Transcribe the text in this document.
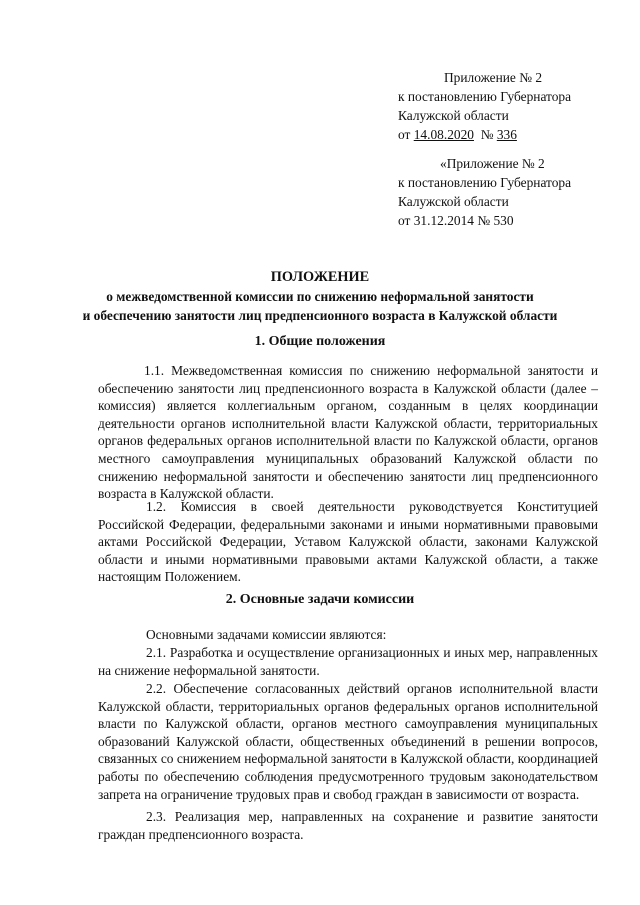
Приложение № 2

к постановлению Губернатора

Калужской области

от 14.08.2020 № 336

«Приложение № 2

к постановлению Губернатора

Калужской области

от 31.12.2014 № 530

ПОЛОЖЕНИЕ

о межведомственной комиссии по снижению неформальной занятости

и обеспечению занятости лиц предпенсионного возраста в Калужской области

1. Общие положения

1.1. Межведомственная комиссия по снижению неформальной занятости и обеспечению занятости лиц предпенсионного возраста в Калужской области (далее – комиссия) является коллегиальным органом, созданным в целях координации деятельности органов исполнительной власти Калужской области, территориальных органов федеральных органов исполнительной власти по Калужской области, органов местного самоуправления муниципальных образований Калужской области по снижению неформальной занятости и обеспечению занятости лиц предпенсионного возраста в Калужской области.

1.2. Комиссия в своей деятельности руководствуется Конституцией Российской Федерации, федеральными законами и иными нормативными правовыми актами Российской Федерации, Уставом Калужской области, законами Калужской области и иными нормативными правовыми актами Калужской области, а также настоящим Положением.

2. Основные задачи комиссии

Основными задачами комиссии являются:

2.1. Разработка и осуществление организационных и иных мер, направленных на снижение неформальной занятости.

2.2. Обеспечение согласованных действий органов исполнительной власти Калужской области, территориальных органов федеральных органов исполнительной власти по Калужской области, органов местного самоуправления муниципальных образований Калужской области, общественных объединений в решении вопросов, связанных со снижением неформальной занятости в Калужской области, координацией работы по обеспечению соблюдения предусмотренного трудовым законодательством запрета на ограничение трудовых прав и свобод граждан в зависимости от возраста.

2.3. Реализация мер, направленных на сохранение и развитие занятости граждан предпенсионного возраста.
